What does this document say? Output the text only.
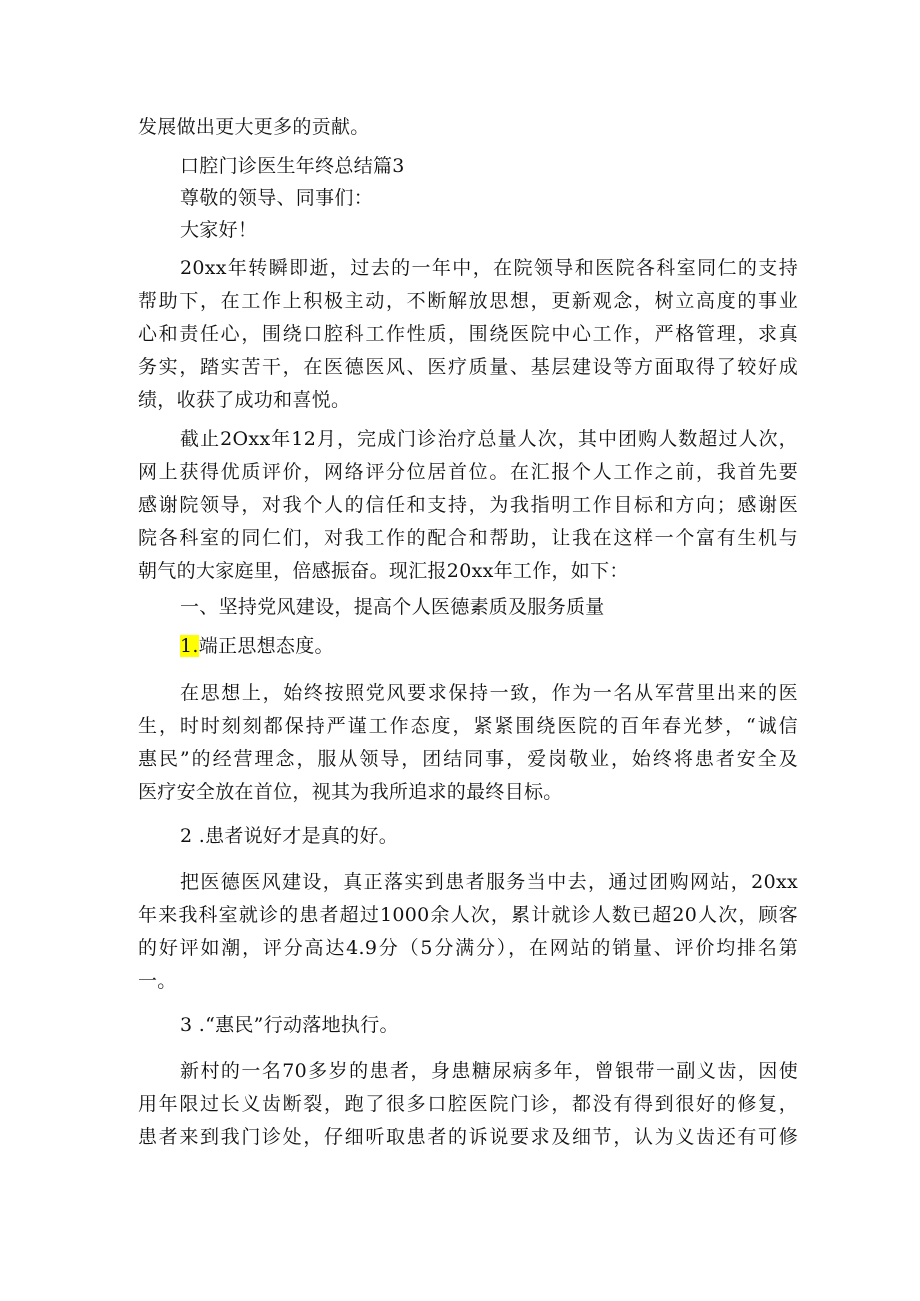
发展做出更大更多的贡献。
口腔门诊医生年终总结篇3
尊敬的领导、同事们：
大家好！
20xx年转瞬即逝，过去的一年中，在院领导和医院各科室同仁的支持
帮助下，在工作上积极主动，不断解放思想，更新观念，树立高度的事业
心和责任心，围绕口腔科工作性质，围绕医院中心工作，严格管理，求真
务实，踏实苦干，在医德医风、医疗质量、基层建设等方面取得了较好成
绩，收获了成功和喜悦。
截止2Oxx年12月，完成门诊治疗总量人次，其中团购人数超过人次，
网上获得优质评价，网络评分位居首位。在汇报个人工作之前，我首先要
感谢院领导，对我个人的信任和支持，为我指明工作目标和方向；感谢医
院各科室的同仁们，对我工作的配合和帮助，让我在这样一个富有生机与
朝气的大家庭里，倍感振奋。现汇报20xx年工作，如下：
一、坚持党风建设，提高个人医德素质及服务质量
1.端正思想态度。
在思想上，始终按照党风要求保持一致，作为一名从军营里出来的医
生，时时刻刻都保持严谨工作态度，紧紧围绕医院的百年春光梦，“诚信
惠民”的经营理念，服从领导，团结同事，爱岗敬业，始终将患者安全及
医疗安全放在首位，视其为我所追求的最终目标。
2 .患者说好才是真的好。
把医德医风建设，真正落实到患者服务当中去，通过团购网站，20xx
年来我科室就诊的患者超过1000余人次，累计就诊人数已超20人次，顾客
的好评如潮，评分高达4.9分（5分满分），在网站的销量、评价均排名第
一。
3 .“惠民”行动落地执行。
新村的一名70多岁的患者，身患糖尿病多年，曾银带一副义齿，因使
用年限过长义齿断裂，跑了很多口腔医院门诊，都没有得到很好的修复，
患者来到我门诊处，仔细听取患者的诉说要求及细节，认为义齿还有可修
